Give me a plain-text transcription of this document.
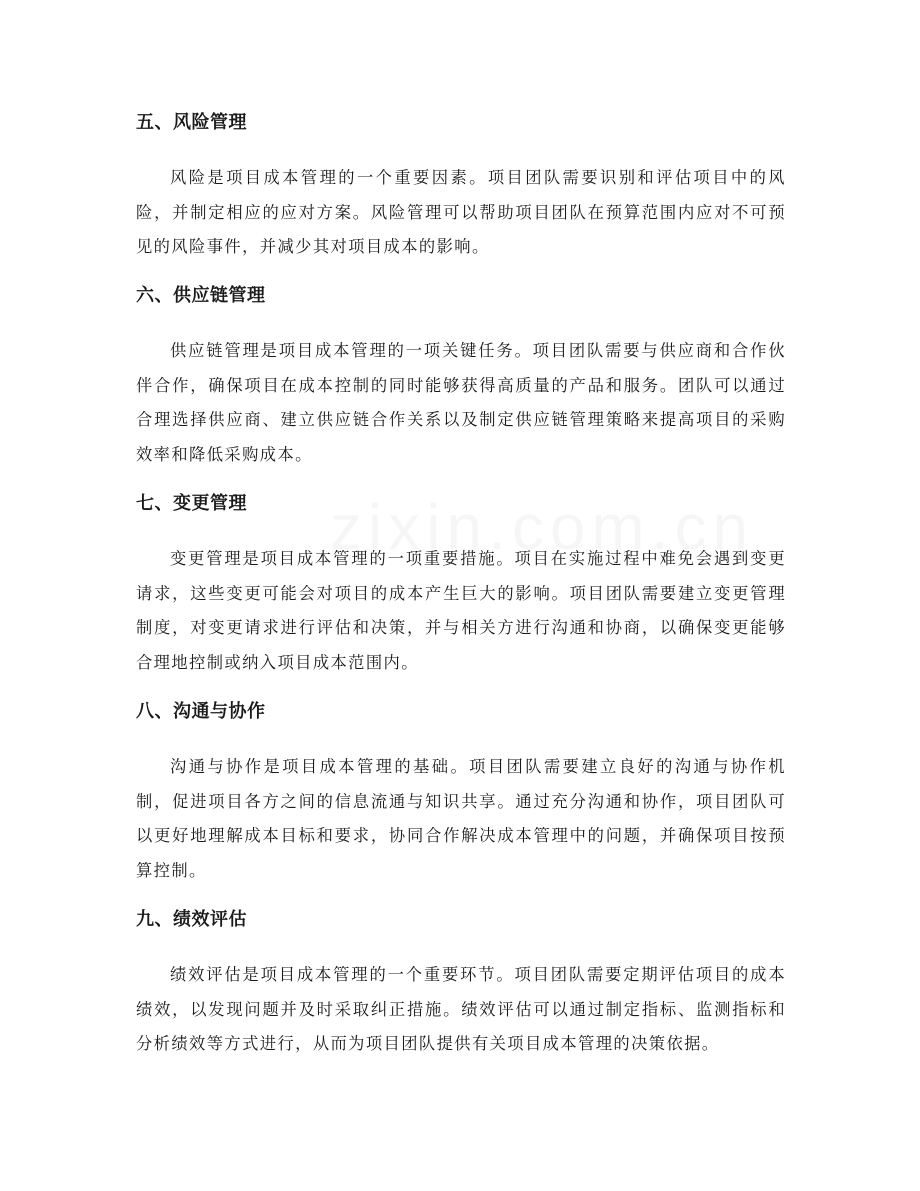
五、风险管理

风险是项目成本管理的一个重要因素。项目团队需要识别和评估项目中的风险，并制定相应的应对方案。风险管理可以帮助项目团队在预算范围内应对不可预见的风险事件，并减少其对项目成本的影响。

六、供应链管理

供应链管理是项目成本管理的一项关键任务。项目团队需要与供应商和合作伙伴合作，确保项目在成本控制的同时能够获得高质量的产品和服务。团队可以通过合理选择供应商、建立供应链合作关系以及制定供应链管理策略来提高项目的采购效率和降低采购成本。

七、变更管理

变更管理是项目成本管理的一项重要措施。项目在实施过程中难免会遇到变更请求，这些变更可能会对项目的成本产生巨大的影响。项目团队需要建立变更管理制度，对变更请求进行评估和决策，并与相关方进行沟通和协商，以确保变更能够合理地控制或纳入项目成本范围内。

八、沟通与协作

沟通与协作是项目成本管理的基础。项目团队需要建立良好的沟通与协作机制，促进项目各方之间的信息流通与知识共享。通过充分沟通和协作，项目团队可以更好地理解成本目标和要求，协同合作解决成本管理中的问题，并确保项目按预算控制。

九、绩效评估

绩效评估是项目成本管理的一个重要环节。项目团队需要定期评估项目的成本绩效，以发现问题并及时采取纠正措施。绩效评估可以通过制定指标、监测指标和分析绩效等方式进行，从而为项目团队提供有关项目成本管理的决策依据。
